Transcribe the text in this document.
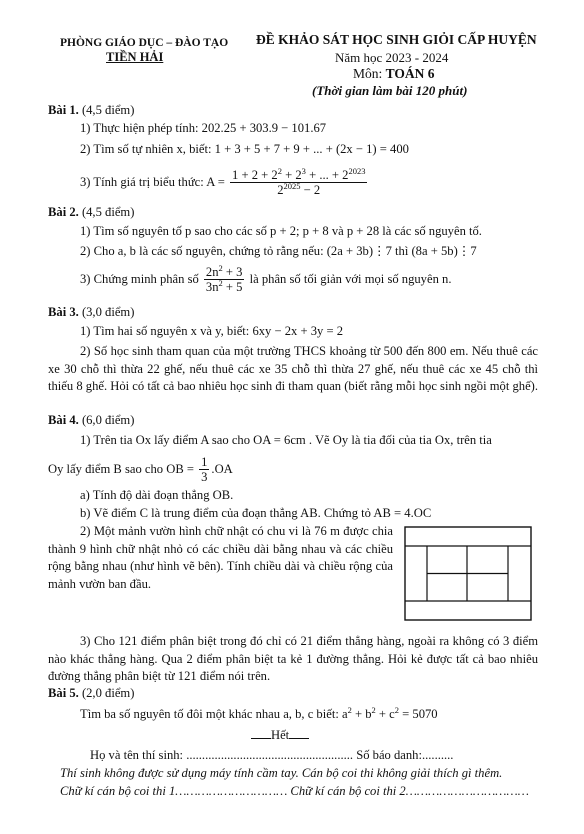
PHÒNG GIÁO DỤC – ĐÀO TẠO
TIỀN HẢI
ĐỀ KHẢO SÁT HỌC SINH GIỎI CẤP HUYỆN
Năm học 2023 - 2024
Môn: TOÁN 6
(Thời gian làm bài 120 phút)
Bài 1. (4,5 điểm)
1) Thực hiện phép tính: 202.25 + 303.9 − 101.67
2) Tìm số tự nhiên x, biết: 1 + 3 + 5 + 7 + 9 + ... + (2x − 1) = 400
3) Tính giá trị biểu thức: $A = \frac{1 + 2 + 2^2 + 2^3 + ... + 2^{2023}}{2^{2025} - 2}$
Bài 2. (4,5 điểm)
1) Tìm số nguyên tố p sao cho các số p + 2; p + 8 và p + 28 là các số nguyên tố.
2) Cho a, b là các số nguyên, chứng tỏ rằng nếu: (2a + 3b)⋮7 thì (8a + 5b)⋮7
3) Chứng minh phân số $\frac{2n^2 + 3}{3n^2 + 5}$ là phân số tối giản với mọi số nguyên n.
Bài 3. (3,0 điểm)
1) Tìm hai số nguyên x và y, biết: 6xy − 2x + 3y = 2
2) Số học sinh tham quan của một trường THCS khoảng từ 500 đến 800 em. Nếu thuê các xe 30 chỗ thì thừa 22 ghế, nếu thuê các xe 35 chỗ thì thừa 27 ghế, nếu thuê các xe 45 chỗ thì thiếu 8 ghế. Hỏi có tất cả bao nhiêu học sinh đi tham quan (biết rằng mỗi học sinh ngồi một ghế).
Bài 4. (6,0 điểm)
1) Trên tia Ox lấy điểm A sao cho OA = 6cm . Vẽ Oy là tia đối của tia Ox, trên tia
Oy lấy điểm B sao cho OB = $\frac{1}{3} .OA$
a) Tính độ dài đoạn thẳng OB.
b) Vẽ điểm C là trung điểm của đoạn thẳng AB. Chứng tỏ AB = 4.OC
2) Một mảnh vườn hình chữ nhật có chu vi là 76 m được chia thành 9 hình chữ nhật nhỏ có các chiều dài bằng nhau và các chiều rộng bằng nhau (như hình vẽ bên). Tính chiều dài và chiều rộng của mảnh vườn ban đầu.
3) Cho 121 điểm phân biệt trong đó chỉ có 21 điểm thẳng hàng, ngoài ra không có 3 điểm nào khác thẳng hàng. Qua 2 điểm phân biệt ta kẻ 1 đường thẳng. Hỏi kẻ được tất cả bao nhiêu đường thẳng phân biệt từ 121 điểm nói trên.
Bài 5. (2,0 điểm)
Tìm ba số nguyên tố đôi một khác nhau a, b, c biết: $a^2 + b^2 + c^2 = 5070$
Hết
Họ và tên thí sinh: ..................................................... Số báo danh:..........
Thí sinh không được sử dụng máy tính cầm tay. Cán bộ coi thi không giải thích gì thêm.
Chữ kí cán bộ coi thi 1………………………… Chữ kí cán bộ coi thi 2……………………………
